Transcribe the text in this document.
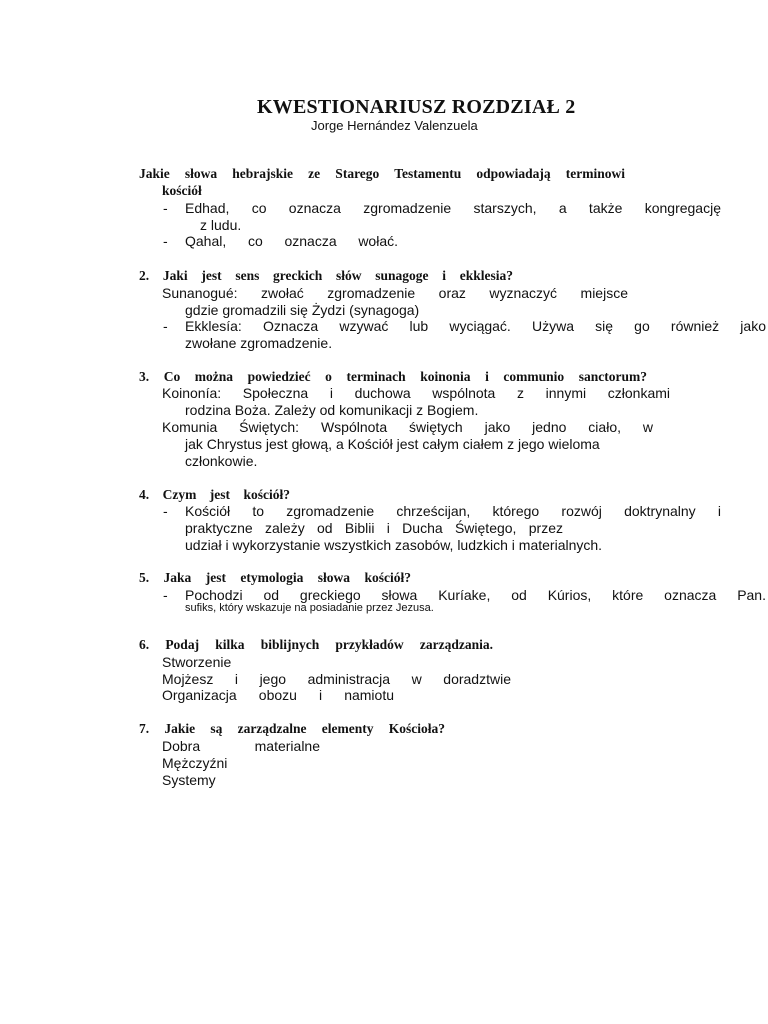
KWESTIONARIUSZ ROZDZIAŁ 2
Jorge Hernández Valenzuela
Jakie słowa hebrajskie ze Starego Testamentu odpowiadają terminowi
kościół
- Edhad, co oznacza zgromadzenie starszych, a także kongregację
z ludu.
- Qahal, co oznacza wołać.
2. Jaki jest sens greckich słów sunagoge i ekklesia?
Sunanogué: zwołać zgromadzenie oraz wyznaczyć miejsce
gdzie gromadzili się Żydzi (synagoga)
- Ekklesía: Oznacza wzywać lub wyciągać. Używa się go również jako
zwołane zgromadzenie.
3. Co można powiedzieć o terminach koinonia i communio sanctorum?
Koinonía: Społeczna i duchowa wspólnota z innymi członkami
rodzina Boża. Zależy od komunikacji z Bogiem.
Komunia Świętych: Wspólnota świętych jako jedno ciało, w
jak Chrystus jest głową, a Kościół jest całym ciałem z jego wieloma
członkowie.
4. Czym jest kościół?
- Kościół to zgromadzenie chrześcijan, którego rozwój doktrynalny i
praktyczne zależy od Biblii i Ducha Świętego, przez
udział i wykorzystanie wszystkich zasobów, ludzkich i materialnych.
5. Jaka jest etymologia słowa kościół?
- Pochodzi od greckiego słowa Kuríake, od Kúrios, które oznacza Pan.
sufiks, który wskazuje na posiadanie przez Jezusa.
6. Podaj kilka biblijnych przykładów zarządzania.
Stworzenie
Mojżesz i jego administracja w doradztwie
Organizacja obozu i namiotu
7. Jakie są zarządzalne elementy Kościoła?
Dobra materialne
Mężczyźni
Systemy
